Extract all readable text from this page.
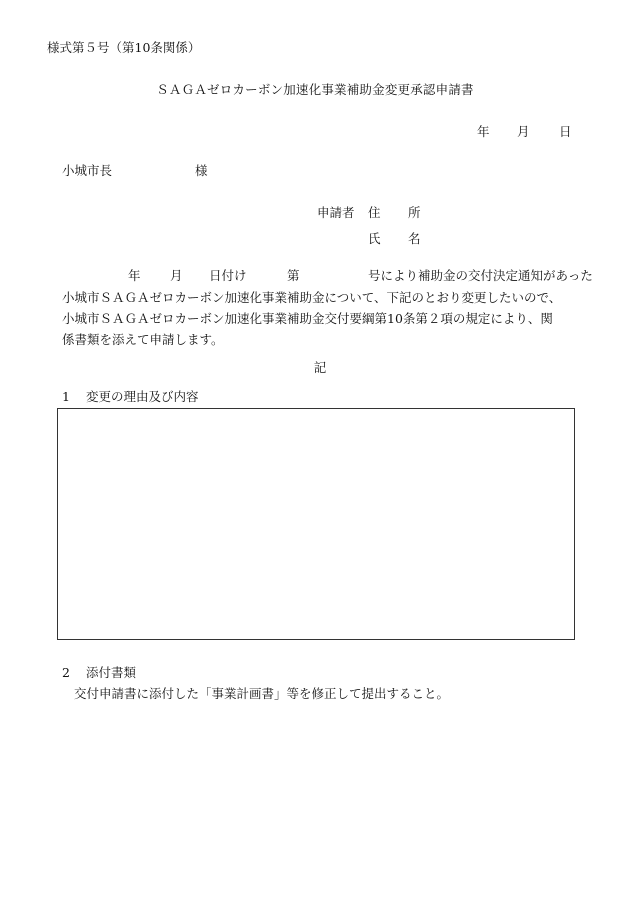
様式第５号（第10条関係）
ＳＡＧＡゼロカーボン加速化事業補助金変更承認申請書
年 月 日
小城市長	様
申請者 住 所
氏 名
年 月 日付け	第	号により補助金の交付決定通知があった
小城市ＳＡＧＡゼロカーボン加速化事業補助金について、下記のとおり変更したいので、
小城市ＳＡＧＡゼロカーボン加速化事業補助金交付要綱第10条第２項の規定により、関
係書類を添えて申請します。
記
1 変更の理由及び内容
2 添付書類
交付申請書に添付した「事業計画書」等を修正して提出すること。
